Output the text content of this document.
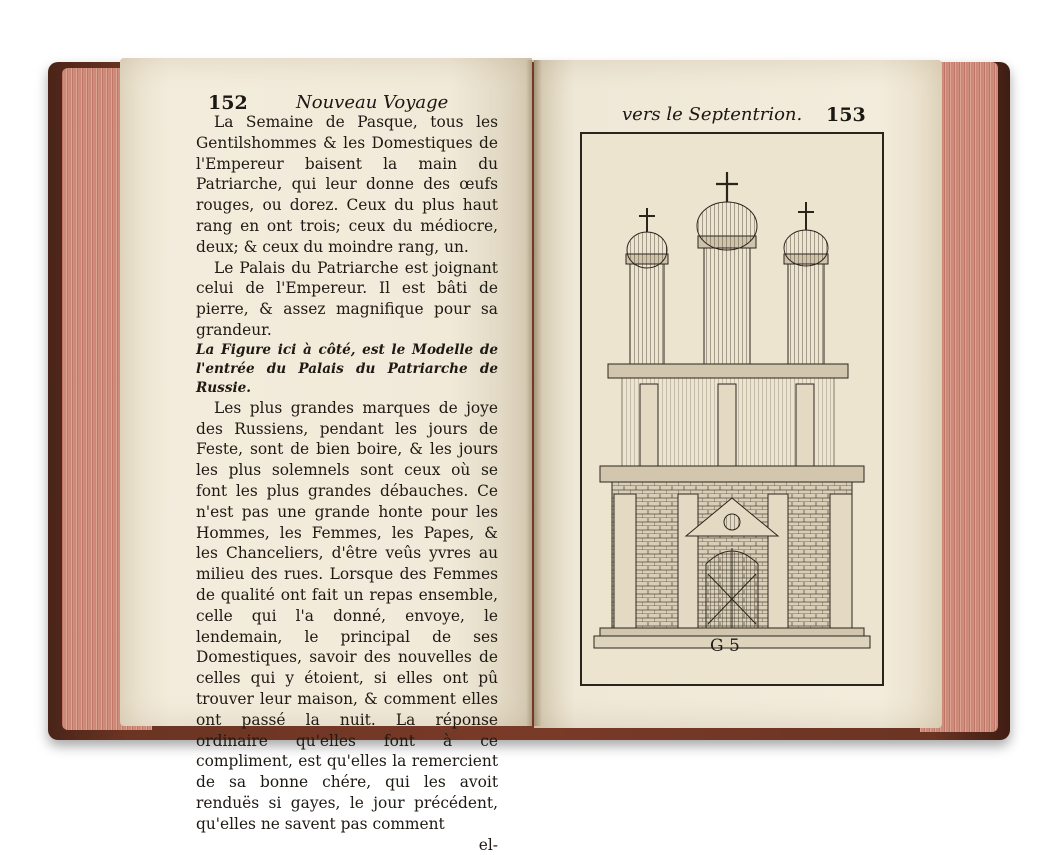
152	Nouveau Voyage
vers le Septentrion. 153

La Semaine de Pasque, tous les Gentilshommes & les Domestiques de l'Empereur baisent la main du Patriarche, qui leur donne des œufs rouges, ou dorez. Ceux du plus haut rang en ont trois; ceux du médiocre, deux; & ceux du moindre rang, un.

Le Palais du Patriarche est joignant celui de l'Empereur. Il est bâti de pierre, & assez magnifique pour sa grandeur.

La Figure ici à côté, est le Modelle de l'entrée du Palais du Patriarche de Russie.

Les plus grandes marques de joye des Russiens, pendant les jours de Feste, sont de bien boire, & les jours les plus solemnels sont ceux où se font les plus grandes débauches. Ce n'est pas une grande honte pour les Hommes, les Femmes, les Papes, & les Chanceliers, d'être veûs yvres au milieu des rues. Lorsque des Femmes de qualité ont fait un repas ensemble, celle qui l'a donné, envoye, le lendemain, le principal de ses Domestiques, savoir des nouvelles de celles qui y étoient, si elles ont pû trouver leur maison, & comment elles ont passé la nuit. La réponse ordinaire qu'elles font à ce compliment, est qu'elles la remercient de sa bonne chére, qui les avoit renduës si gayes, le jour précédent, qu'elles ne savent pas comment

el-

G 5
